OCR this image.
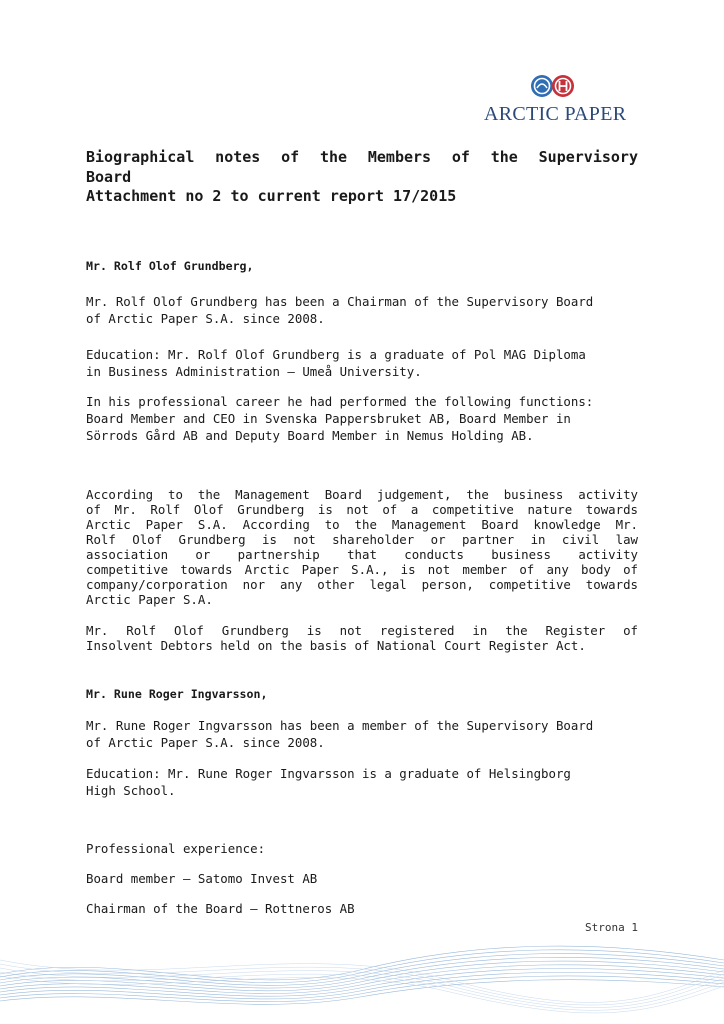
ARCTIC PAPER
Biographical notes of the Members of the Supervisory
Board
Attachment no 2 to current report 17/2015
Mr. Rolf Olof Grundberg,
Mr. Rolf Olof Grundberg has been a Chairman of the Supervisory Board
of Arctic Paper S.A. since 2008.
Education: Mr. Rolf Olof Grundberg is a graduate of Pol MAG Diploma
in Business Administration – Umeå University.
In his professional career he had performed the following functions:
Board Member and CEO in Svenska Pappersbruket AB, Board Member in
Sörrods Gård AB and Deputy Board Member in Nemus Holding AB.
According to the Management Board judgement, the business activity
of Mr. Rolf Olof Grundberg is not of a competitive nature towards
Arctic Paper S.A. According to the Management Board knowledge Mr.
Rolf Olof Grundberg is not shareholder or partner in civil law
association or partnership that conducts business activity
competitive towards Arctic Paper S.A., is not member of any body of
company/corporation nor any other legal person, competitive towards
Arctic Paper S.A.
Mr. Rolf Olof Grundberg is not registered in the Register of
Insolvent Debtors held on the basis of National Court Register Act.
Mr. Rune Roger Ingvarsson,
Mr. Rune Roger Ingvarsson has been a member of the Supervisory Board
of Arctic Paper S.A. since 2008.
Education: Mr. Rune Roger Ingvarsson is a graduate of Helsingborg
High School.
Professional experience:
Board member – Satomo Invest AB
Chairman of the Board – Rottneros AB
Strona 1
